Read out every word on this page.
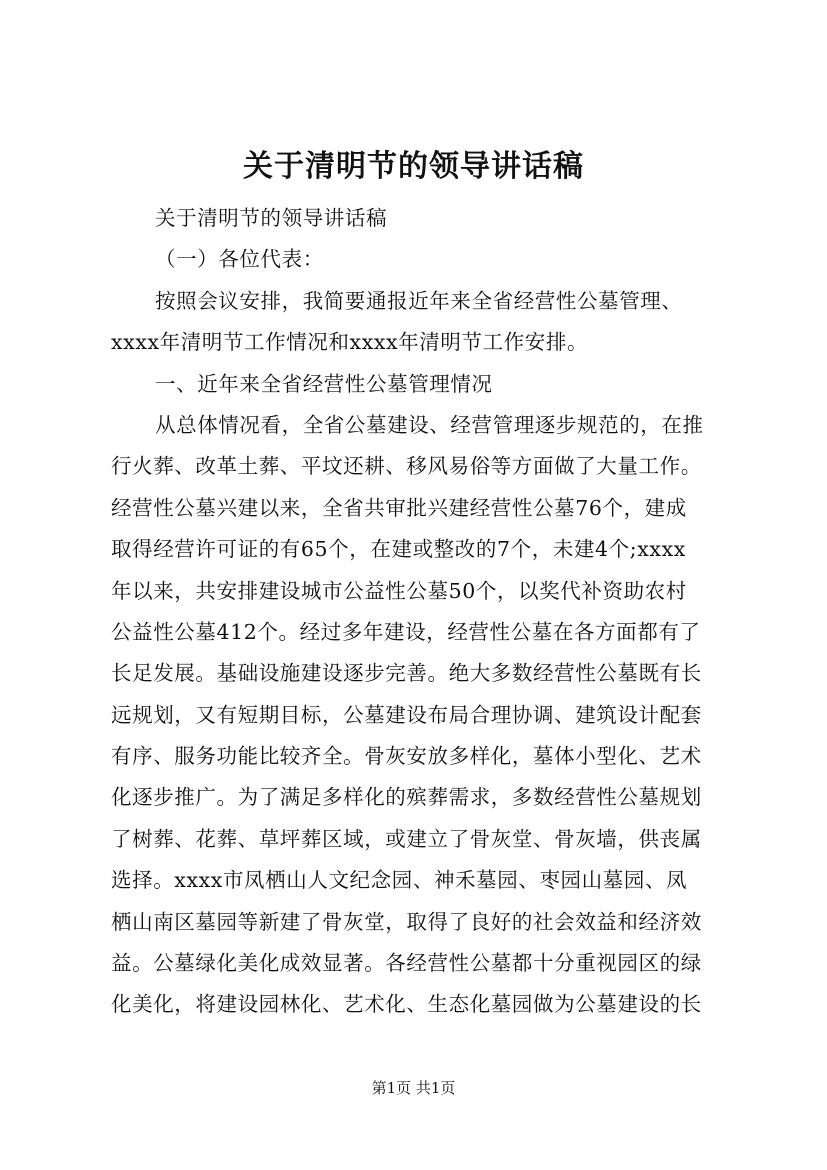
关于清明节的领导讲话稿
关于清明节的领导讲话稿
（一）各位代表：
按照会议安排，我简要通报近年来全省经营性公墓管理、
xxxx年清明节工作情况和xxxx年清明节工作安排。
一、近年来全省经营性公墓管理情况
从总体情况看，全省公墓建设、经营管理逐步规范的，在推
行火葬、改革土葬、平坟还耕、移风易俗等方面做了大量工作。
经营性公墓兴建以来，全省共审批兴建经营性公墓76个，建成
取得经营许可证的有65个，在建或整改的7个，未建4个;xxxx
年以来，共安排建设城市公益性公墓50个，以奖代补资助农村
公益性公墓412个。经过多年建设，经营性公墓在各方面都有了
长足发展。基础设施建设逐步完善。绝大多数经营性公墓既有长
远规划，又有短期目标，公墓建设布局合理协调、建筑设计配套
有序、服务功能比较齐全。骨灰安放多样化，墓体小型化、艺术
化逐步推广。为了满足多样化的殡葬需求，多数经营性公墓规划
了树葬、花葬、草坪葬区域，或建立了骨灰堂、骨灰墙，供丧属
选择。xxxx市凤栖山人文纪念园、神禾墓园、枣园山墓园、凤
栖山南区墓园等新建了骨灰堂，取得了良好的社会效益和经济效
益。公墓绿化美化成效显著。各经营性公墓都十分重视园区的绿
化美化，将建设园林化、艺术化、生态化墓园做为公墓建设的长
第1页 共1页
